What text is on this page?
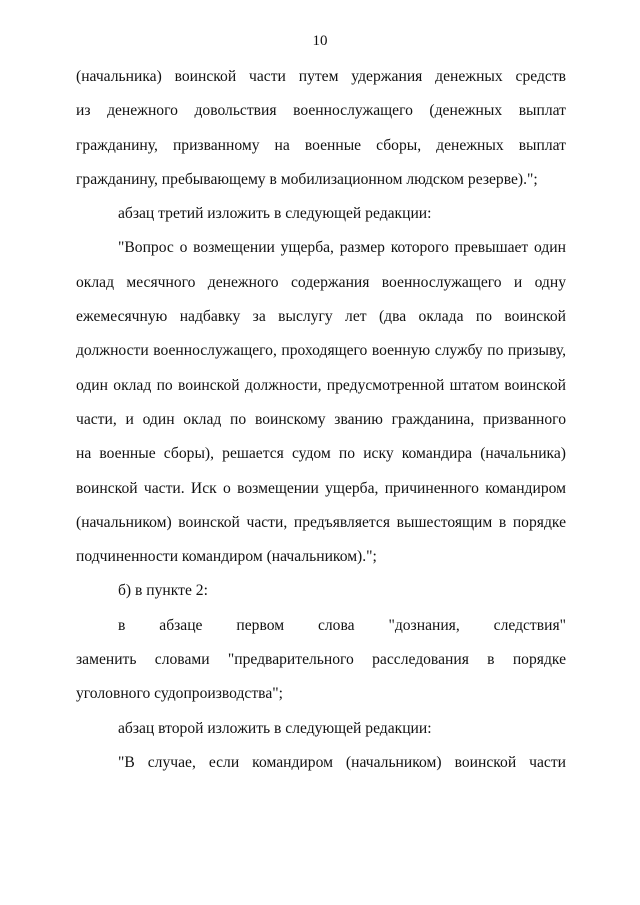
10
(начальника) воинской части путем удержания денежных средств
из денежного довольствия военнослужащего (денежных выплат
гражданину, призванному на военные сборы, денежных выплат
гражданину, пребывающему в мобилизационном людском резерве).";
абзац третий изложить в следующей редакции:
"Вопрос о возмещении ущерба, размер которого превышает один
оклад месячного денежного содержания военнослужащего и одну
ежемесячную надбавку за выслугу лет (два оклада по воинской
должности военнослужащего, проходящего военную службу по призыву,
один оклад по воинской должности, предусмотренной штатом воинской
части, и один оклад по воинскому званию гражданина, призванного
на военные сборы), решается судом по иску командира (начальника)
воинской части. Иск о возмещении ущерба, причиненного командиром
(начальником) воинской части, предъявляется вышестоящим в порядке
подчиненности командиром (начальником).";
б) в пункте 2:
в абзаце первом слова "дознания, следствия"
заменить словами "предварительного расследования в порядке
уголовного судопроизводства";
абзац второй изложить в следующей редакции:
"В случае, если командиром (начальником) воинской части
